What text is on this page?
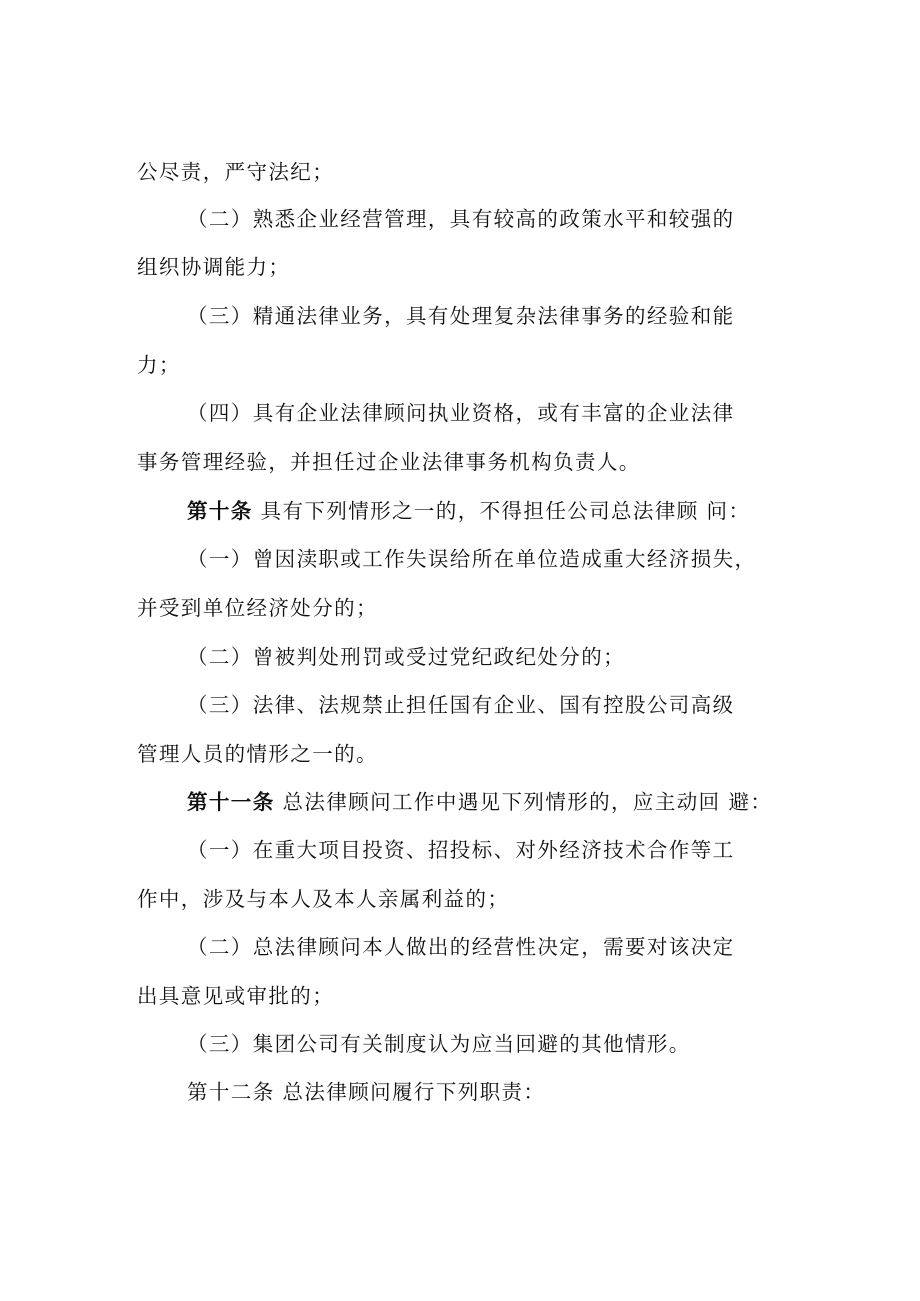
公尽责，严守法纪；
（二）熟悉企业经营管理，具有较高的政策水平和较强的
组织协调能力；
（三）精通法律业务，具有处理复杂法律事务的经验和能
力；
（四）具有企业法律顾问执业资格，或有丰富的企业法律
事务管理经验，并担任过企业法律事务机构负责人。
第十条 具有下列情形之一的，不得担任公司总法律顾 问：
（一）曾因渎职或工作失误给所在单位造成重大经济损失，
并受到单位经济处分的；
（二）曾被判处刑罚或受过党纪政纪处分的；
（三）法律、法规禁止担任国有企业、国有控股公司高级
管理人员的情形之一的。
第十一条 总法律顾问工作中遇见下列情形的，应主动回 避：
（一）在重大项目投资、招投标、对外经济技术合作等工
作中，涉及与本人及本人亲属利益的；
（二）总法律顾问本人做出的经营性决定，需要对该决定
出具意见或审批的；
（三）集团公司有关制度认为应当回避的其他情形。
第十二条 总法律顾问履行下列职责：
